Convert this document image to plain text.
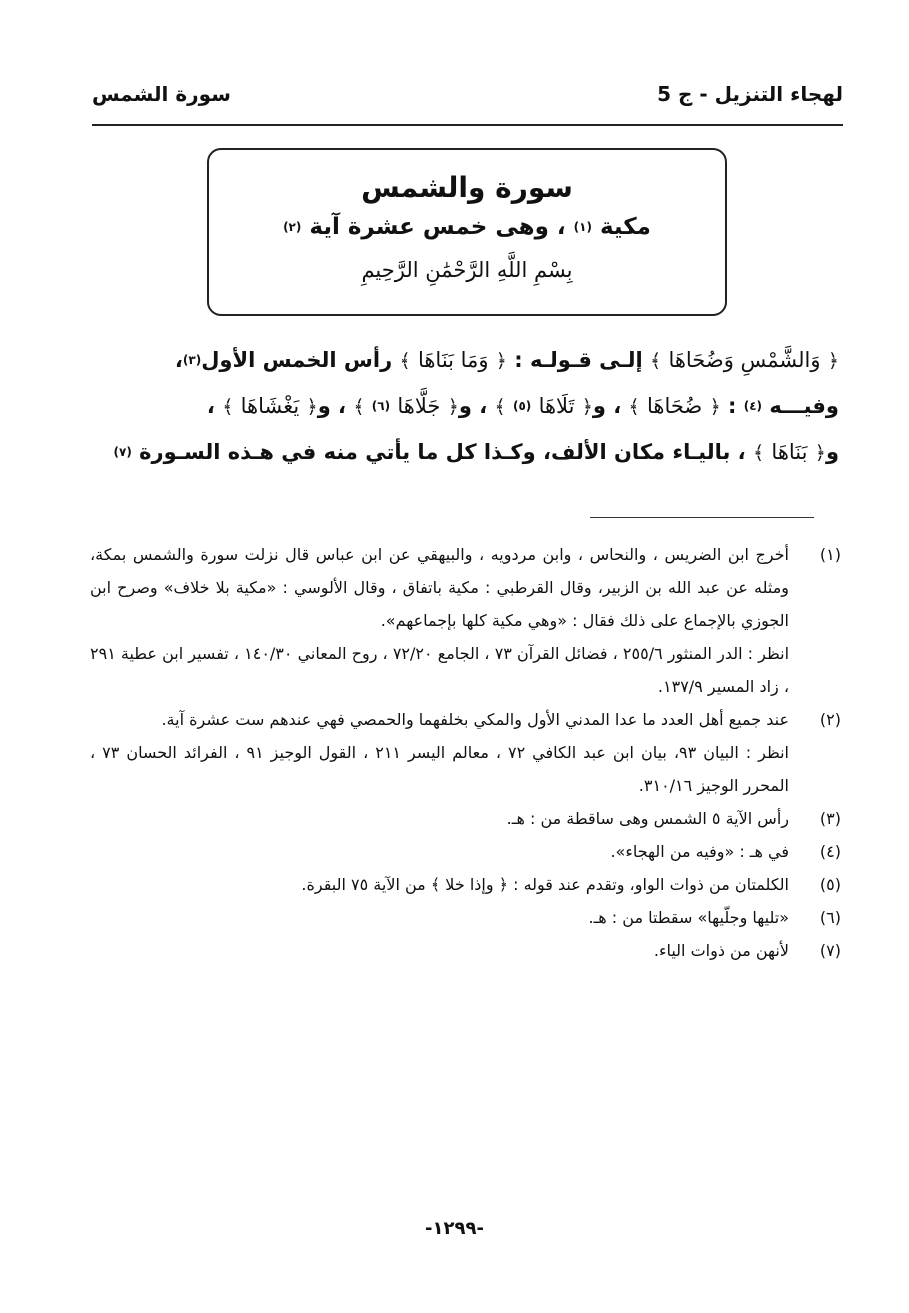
لهجاء التنزيل - ج 5
سورة الشمس
سورة والشمس
مكية $^{(١)}$ ، وهى خمس عشرة آية $^{(٢)}$
بِسْمِ اللَّهِ الرَّحْمَٰنِ الرَّحِيمِ

﴿ وَالشَّمْسِ وَضُحَاهَا ﴾ إلـى قـولـه : ﴿ وَمَا بَنَاهَا ﴾ رأس الخمس الأول$^{(٣)}$،

وفيـــه $^{(٤)}$ : ﴿ ضُحَاهَا ﴾ ، و﴿ تَلَاهَا $^{(٥)}$ ﴾ ، و﴿ جَلَّاهَا $^{(٦)}$ ﴾ ، و﴿ يَغْشَاهَا ﴾ ،

و﴿ بَنَاهَا ﴾ ، باليـاء مكان الألف، وكـذا كل ما يأتي منه في هـذه السـورة $^{(٧)}$

(١)

أخرج ابن الضريس ، والنحاس ، وابن مردويه ، والبيهقي عن ابن عباس قال نزلت سورة والشمس بمكة، ومثله عن عبد الله بن الزبير، وقال القرطبي : مكية باتفاق ، وقال الألوسي : «مكية بلا خلاف» وصرح ابن الجوزي بالإجماع على ذلك فقال : «وهي مكية كلها بإجماعهم».

انظر : الدر المنثور ٢٥٥/٦ ، فضائل القرآن ٧٣ ، الجامع ٧٢/٢٠ ، روح المعاني ١٤٠/٣٠ ، تفسير ابن عطية ٢٩١ ، زاد المسير ١٣٧/٩.

(٢)

عند جميع أهل العدد ما عدا المدني الأول والمكي بخلفهما والحمصي فهي عندهم ست عشرة آية.

انظر : البيان ٩٣، بيان ابن عبد الكافي ٧٢ ، معالم اليسر ٢١١ ، القول الوجيز ٩١ ، الفرائد الحسان ٧٣ ، المحرر الوجيز ٣١٠/١٦.

(٣)

رأس الآية ٥ الشمس وهى ساقطة من : هـ.

(٤)

في هـ : «وفيه من الهجاء».

(٥)

الكلمتان من ذوات الواو، وتقدم عند قوله : ﴿ وإذا خلا ﴾ من الآية ٧٥ البقرة.

(٦)

«تليها وجلّيها» سقطتا من : هـ.

(٧)

لأنهن من ذوات الياء.

-١٢٩٩-
